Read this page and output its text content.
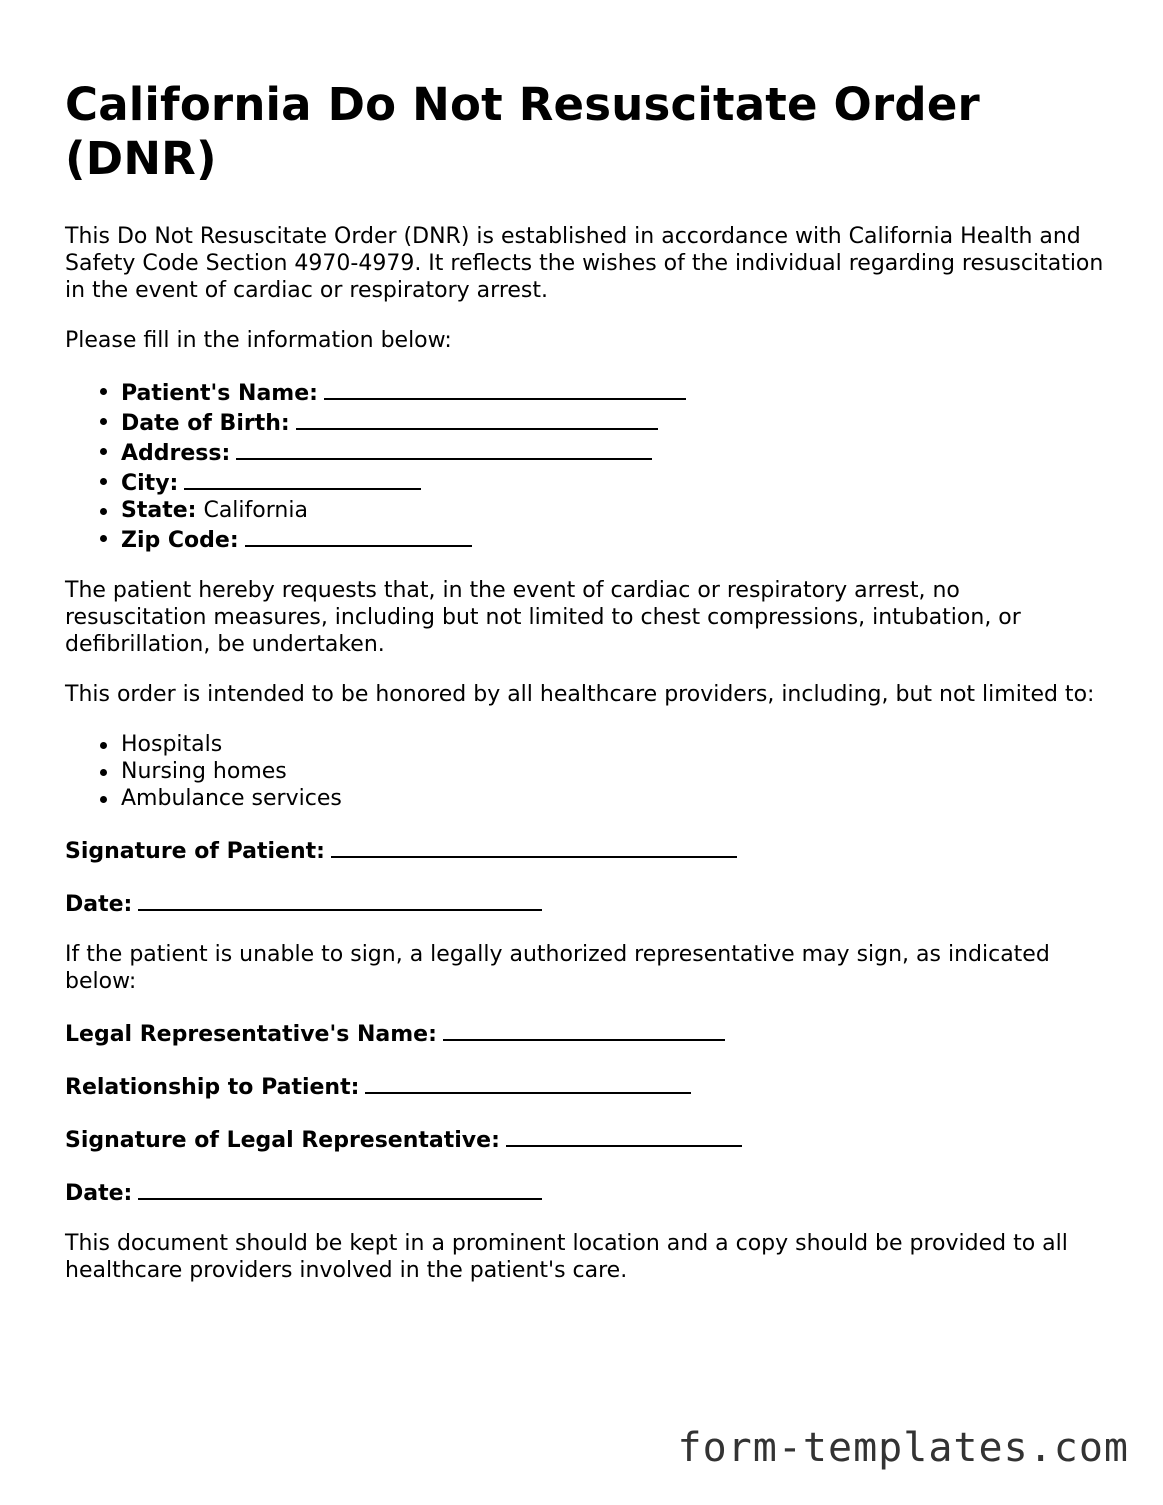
California Do Not Resuscitate Order (DNR)

This Do Not Resuscitate Order (DNR) is established in accordance with California Health and Safety Code Section 4970-4979. It reflects the wishes of the individual regarding resuscitation in the event of cardiac or respiratory arrest.

Please fill in the information below:

Patient's Name:
Date of Birth:
Address:
City:
State: California
Zip Code:

The patient hereby requests that, in the event of cardiac or respiratory arrest, no resuscitation measures, including but not limited to chest compressions, intubation, or defibrillation, be undertaken.

This order is intended to be honored by all healthcare providers, including, but not limited to:

Hospitals
Nursing homes
Ambulance services
Signature of Patient:
Date:

If the patient is unable to sign, a legally authorized representative may sign, as indicated below:

Legal Representative's Name:
Relationship to Patient:
Signature of Legal Representative:
Date:

This document should be kept in a prominent location and a copy should be provided to all healthcare providers involved in the patient's care.

form-templates.com
